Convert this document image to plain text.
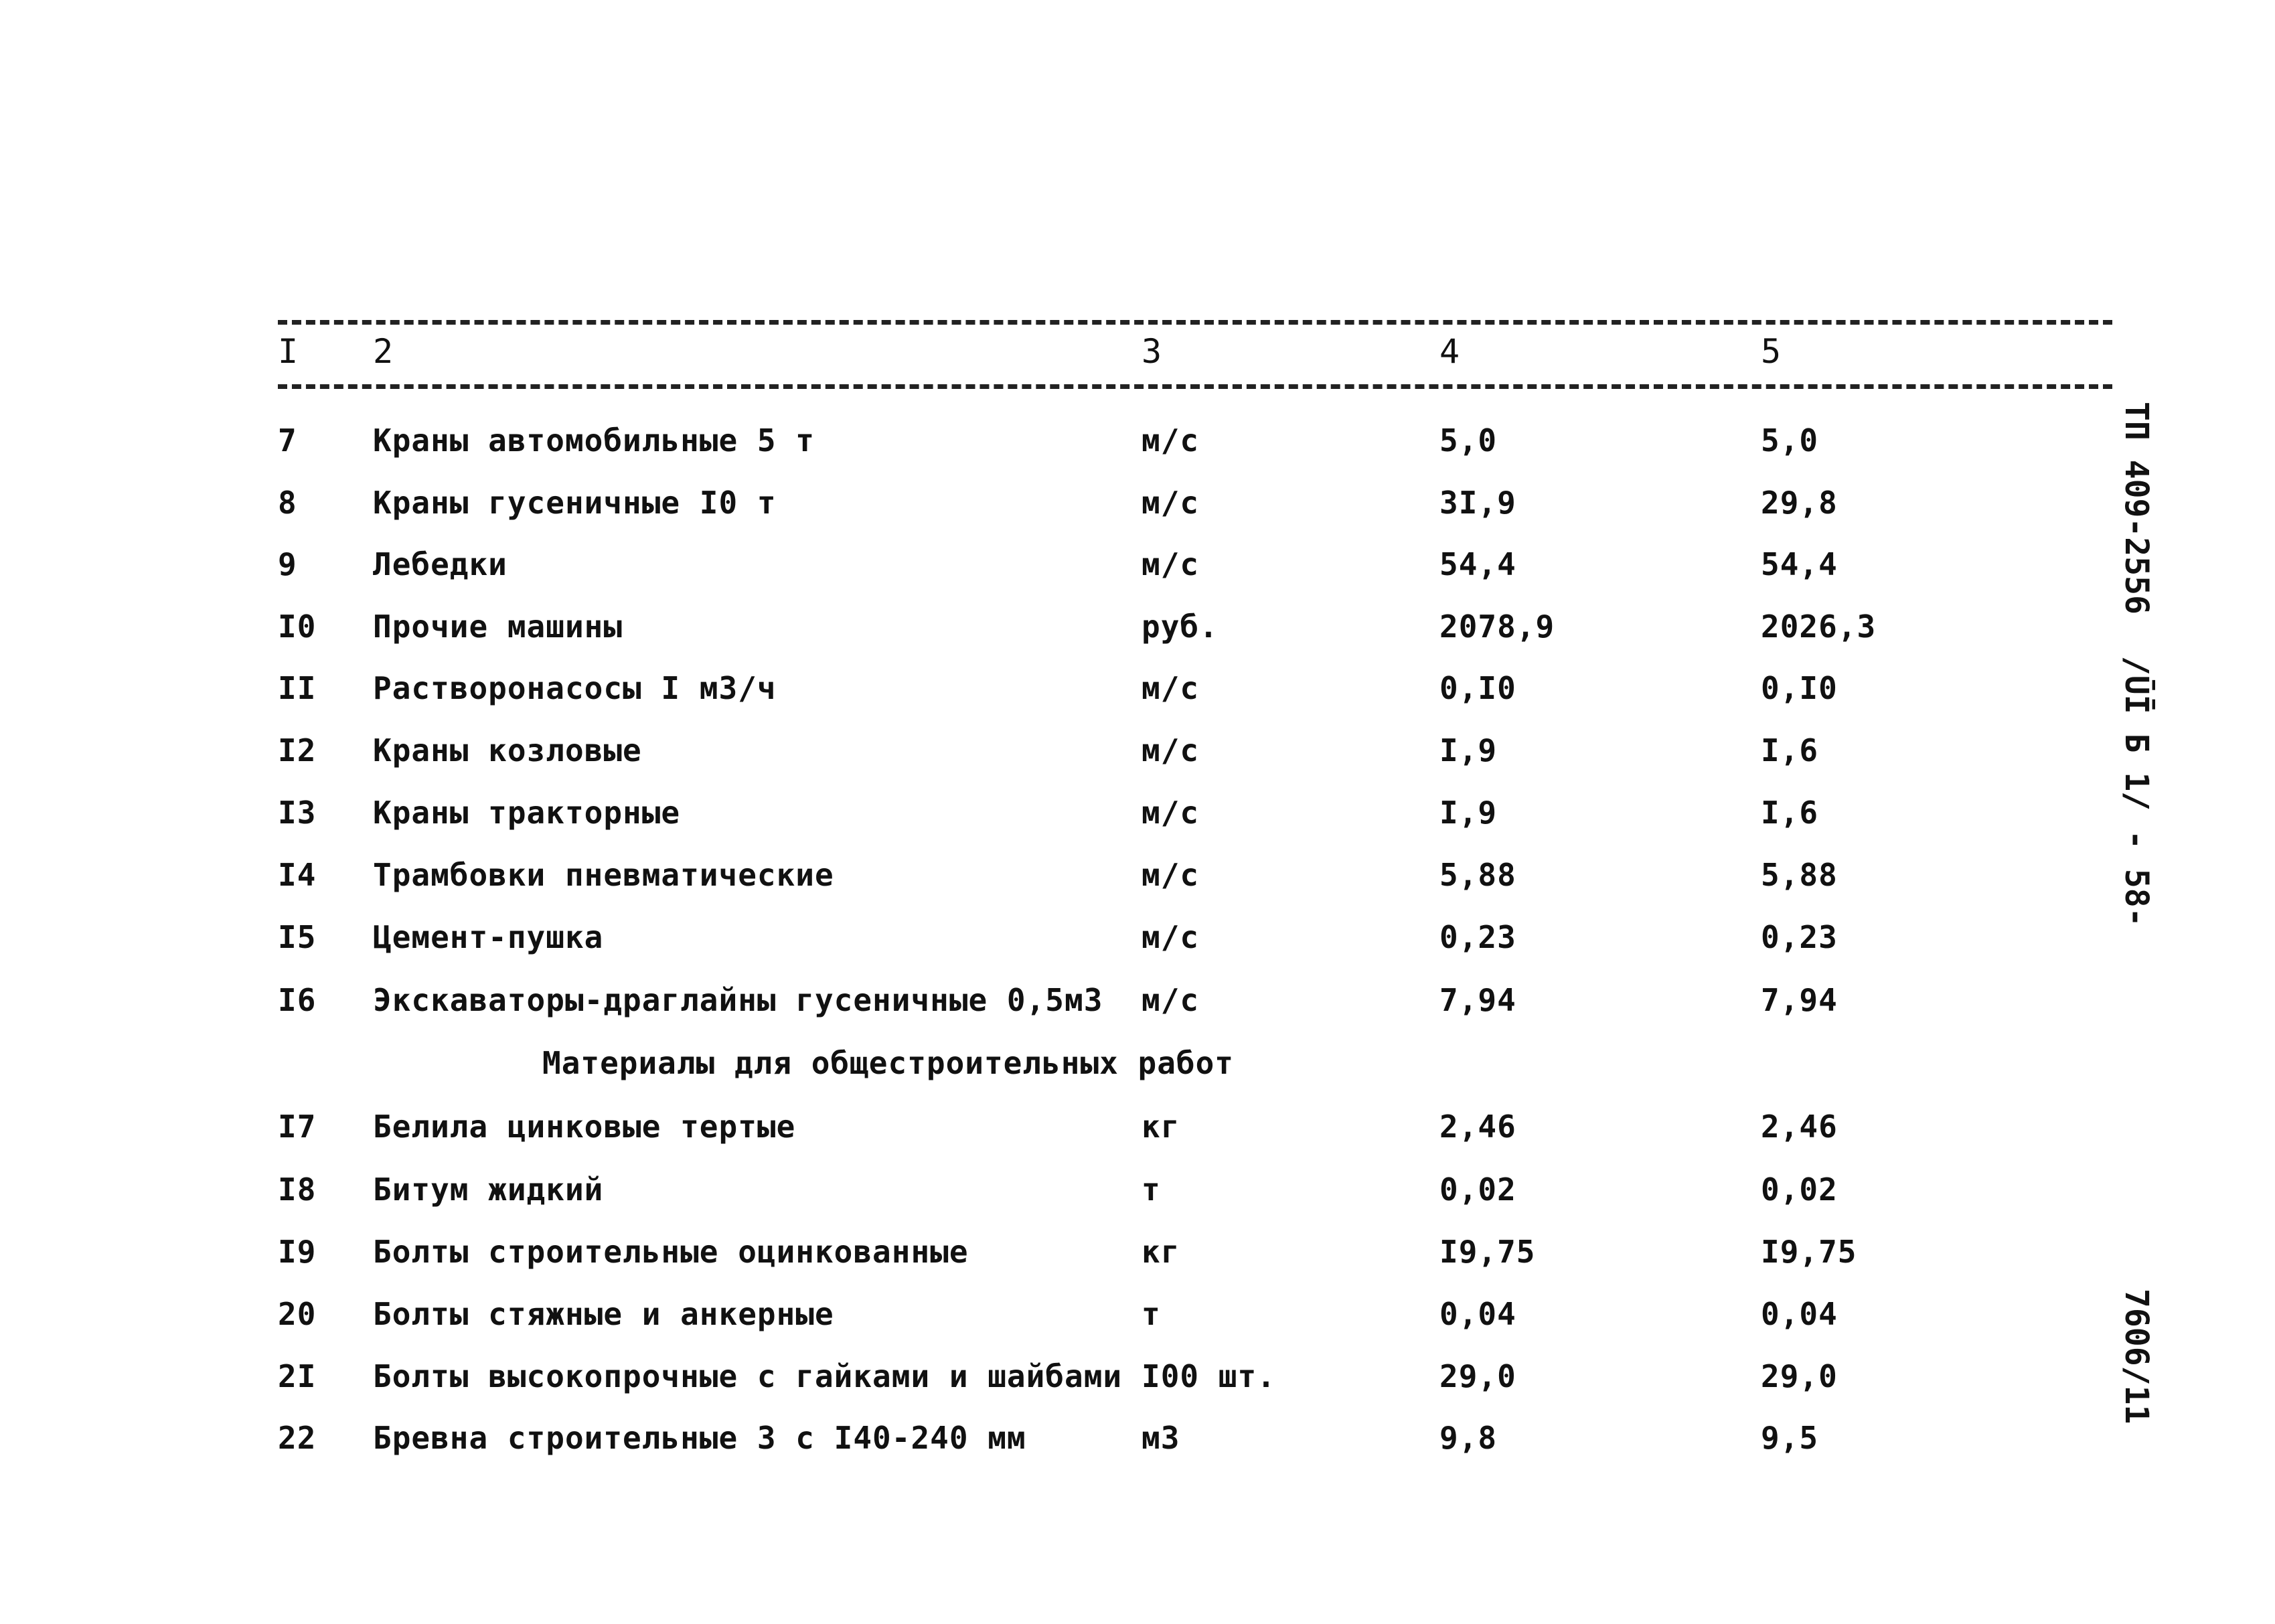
I 2	3	4	5
7 Краны автомобильные 5 т	м/с	5,0	5,0
8 Краны гусеничные I0 т	м/с	3I,9	29,8
9 Лебедки	м/с	54,4	54,4
I0 Прочие машины	руб.	2078,9	2026,3
II Растворонасосы I м3/ч	м/с	0,I0	0,I0
I2 Краны козловые	м/с	I,9	I,6
I3 Краны тракторные	м/с	I,9	I,6
I4 Трамбовки пневматические	м/с	5,88	5,88
I5 Цемент-пушка	м/с	0,23	0,23
I6 Экскаваторы-драглайны гусеничные 0,5м3 м/с	7,94	7,94
I7 Белила цинковые тертые	кг	2,46	2,46
I8 Битум жидкий	т	0,02	0,02
I9 Болты строительные оцинкованные	кг	I9,75	I9,75
20 Болты стяжные и анкерные	т	0,04	0,04
2I Болты высокопрочные с гайками и шайбами I00 шт.	29,0	29,0
22 Бревна строительные 3 с I40-240 мм	м3	9,8	9,5
Материалы для общестроительных работ
ТП 409-2556
/ŪĪ Б 1/ - 58-
7606/11
